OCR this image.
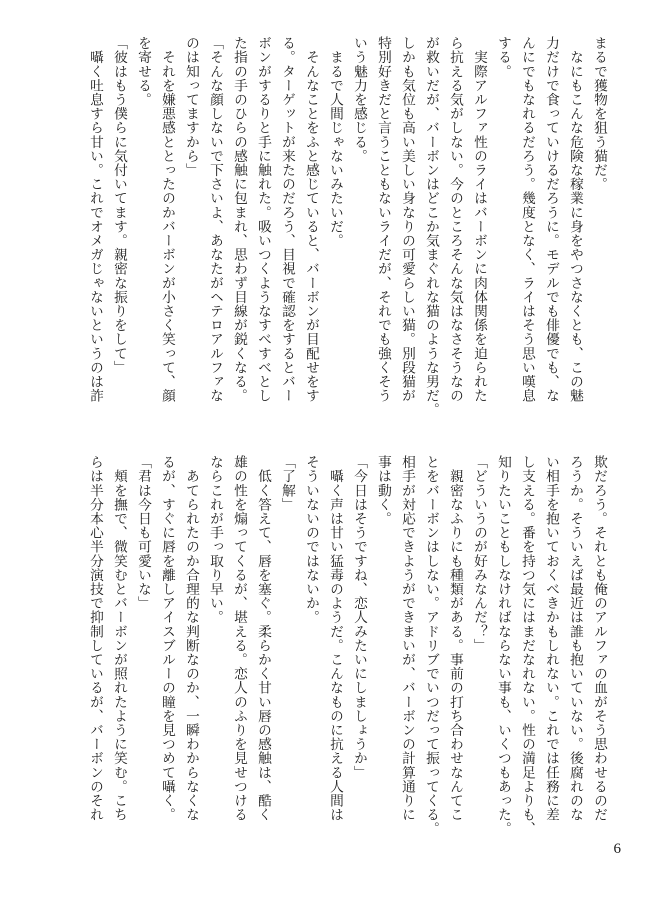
まるで獲物を狙う猫だ。
　なにもこんな危険な稼業に身をやつさなくとも、この魅
力だけで食っていけるだろうに。モデルでも俳優でも、な
んにでもなれるだろう。幾度となく、ライはそう思い嘆息
する。
　実際アルファ性のライはバーボンに肉体関係を迫られた
ら抗える気がしない。今のところそんな気はなさそうなの
が救いだが、バーボンはどこか気まぐれな猫のような男だ。
しかも気位も高い美しい身なりの可愛らしい猫。別段猫が
特別好きだと言うこともないライだが、それでも強くそう
いう魅力を感じる。
　まるで人間じゃないみたいだ。
　そんなことをふと感じていると、バーボンが目配せをす
る。ターゲットが来たのだろう、目視で確認をするとバー
ボンがするりと手に触れた。吸いつくようなすべすべとし
た指の手のひらの感触に包まれ、思わず目線が鋭くなる。
「そんな顔しないで下さいよ、あなたがヘテロアルファな
のは知ってますから」
　それを嫌悪感ととったのかバーボンが小さく笑って、顔
を寄せる。
「彼はもう僕らに気付いてます。親密な振りをして」
　囁く吐息すら甘い。これでオメガじゃないというのは詐
欺だろう。それとも俺のアルファの血がそう思わせるのだ
ろうか。そういえば最近は誰も抱いていない。後腐れのな
い相手を抱いておくべきかもしれない。これでは任務に差
し支える。番を持つ気にはまだなれない。性の満足よりも、
知りたいこともしなければならない事も、いくつもあった。
「どういうのが好みなんだ？」
　親密なふりにも種類がある。事前の打ち合わせなんてこ
とをバーボンはしない。アドリブでいつだって振ってくる。
相手が対応できようができまいが、バーボンの計算通りに
事は動く。
「今日はそうですね、恋人みたいにしましょうか」
　囁く声は甘い猛毒のようだ。こんなものに抗える人間は
そういないのではないか。
「了解」
　低く答えて、唇を塞ぐ。柔らかく甘い唇の感触は、酷く
雄の性を煽ってくるが、堪える。恋人のふりを見せつける
ならこれが手っ取り早い。
　あてられたのか合理的な判断なのか、一瞬わからなくな
るが、すぐに唇を離しアイスブルーの瞳を見つめて囁く。
「君は今日も可愛いな」
　頬を撫で、微笑むとバーボンが照れたように笑む。こち
らは半分本心半分演技で抑制しているが、バーボンのそれ
6
